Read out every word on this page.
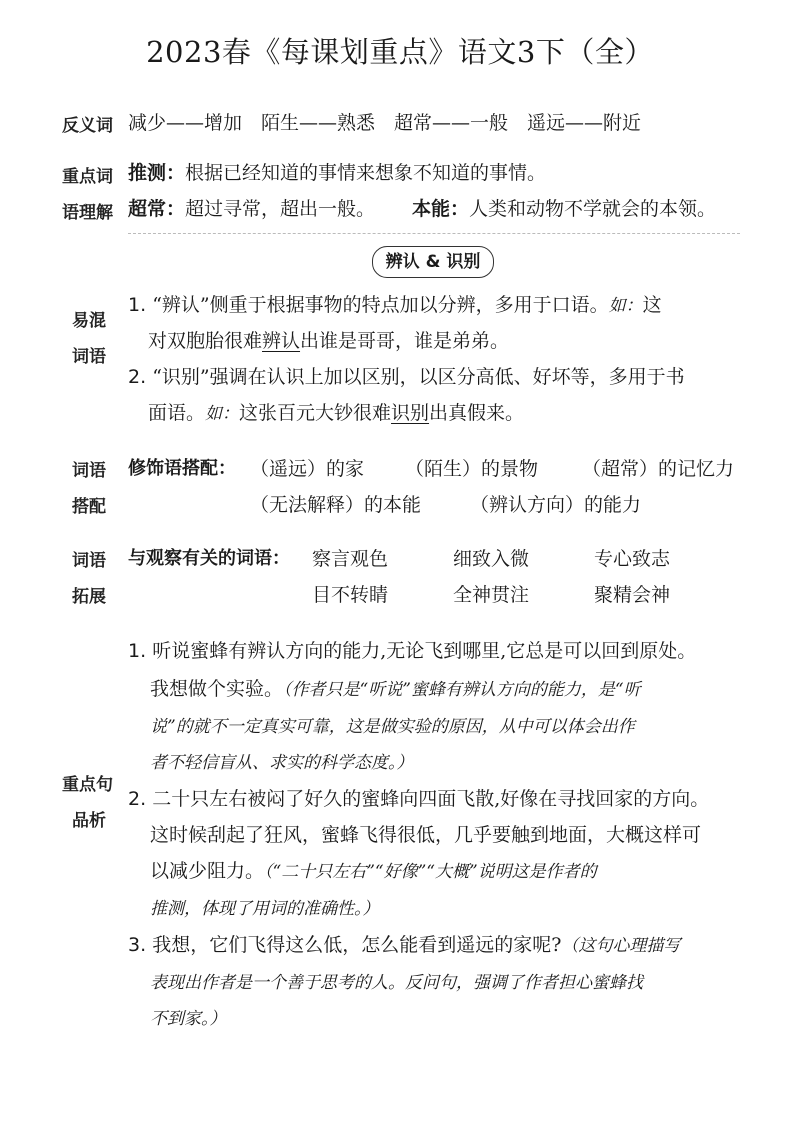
2023春《每课划重点》语文3下（全）
反义词 减少——增加　陌生——熟悉　超常——一般　遥远——附近
重点词
语理解
推测：根据已经知道的事情来想象不知道的事情。
超常：超过寻常，超出一般。 本能：人类和动物不学就会的本领。
辨认 & 识别
易混
词语
1. “辨认”侧重于根据事物的特点加以分辨，多用于口语。如：这
对双胞胎很难辨认出谁是哥哥，谁是弟弟。
2. “识别”强调在认识上加以区别，以区分高低、好坏等，多用于书
面语。如：这张百元大钞很难识别出真假来。
词语
搭配
修饰语搭配： （遥远）的家 （陌生）的景物 （超常）的记忆力
（无法解释）的本能	（辨认方向）的能力
词语
拓展
与观察有关的词语： 察言观色	细致入微	专心致志
目不转睛	全神贯注	聚精会神
重点句
品析
1. 听说蜜蜂有辨认方向的能力,无论飞到哪里,它总是可以回到原处。
我想做个实验。（作者只是“听说”蜜蜂有辨认方向的能力，是“听
说”的就不一定真实可靠，这是做实验的原因，从中可以体会出作
者不轻信盲从、求实的科学态度。）
2. 二十只左右被闷了好久的蜜蜂向四面飞散,好像在寻找回家的方向。
这时候刮起了狂风，蜜蜂飞得很低，几乎要触到地面，大概这样可
以减少阻力。（“二十只左右”“好像”“大概”说明这是作者的
推测，体现了用词的准确性。）
3. 我想，它们飞得这么低，怎么能看到遥远的家呢?（这句心理描写
表现出作者是一个善于思考的人。反问句，强调了作者担心蜜蜂找
不到家。）
